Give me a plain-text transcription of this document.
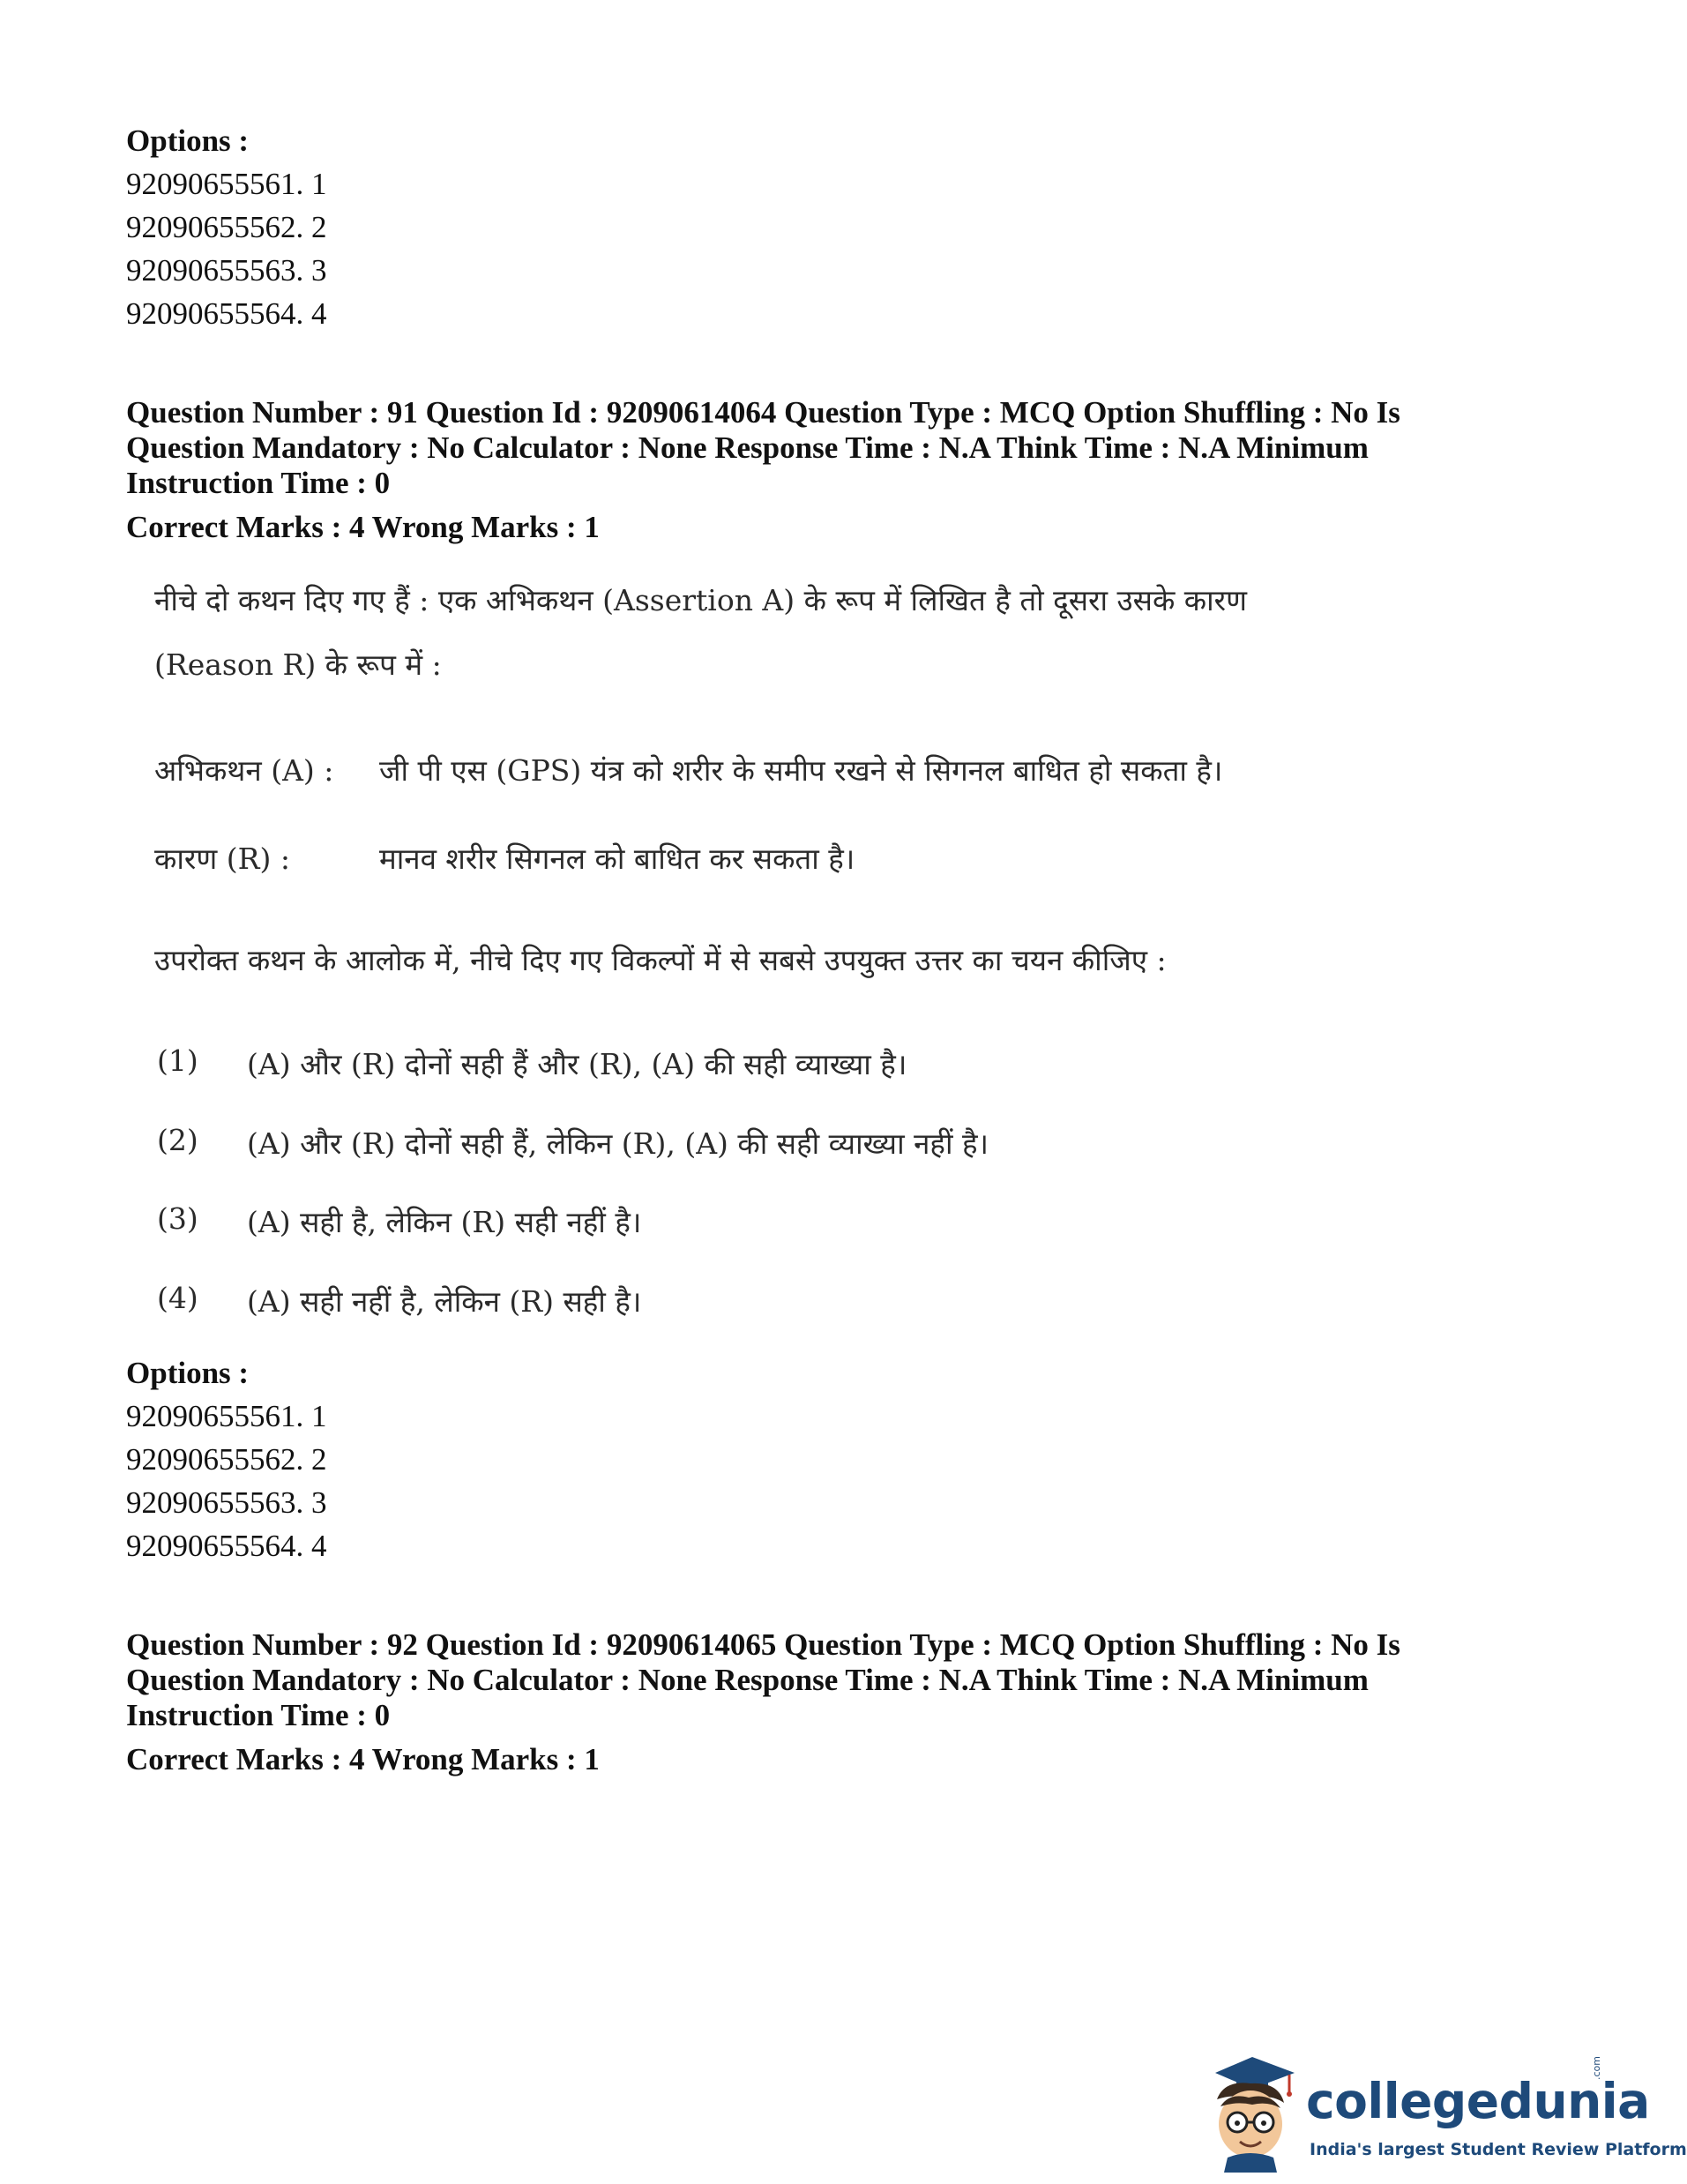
Options :
92090655561. 1
92090655562. 2
92090655563. 3
92090655564. 4
Question Number : 91 Question Id : 92090614064 Question Type : MCQ Option Shuffling : No Is
Question Mandatory : No Calculator : None Response Time : N.A Think Time : N.A Minimum
Instruction Time : 0
Correct Marks : 4 Wrong Marks : 1
नीचे दो कथन दिए गए हैं : एक अभिकथन (Assertion A) के रूप में लिखित है तो दूसरा उसके कारण
(Reason R) के रूप में :
अभिकथन (A) : जी पी एस (GPS) यंत्र को शरीर के समीप रखने से सिगनल बाधित हो सकता है।
कारण (R) :	मानव शरीर सिगनल को बाधित कर सकता है।
उपरोक्त कथन के आलोक में, नीचे दिए गए विकल्पों में से सबसे उपयुक्त उत्तर का चयन कीजिए :
(1) (A) और (R) दोनों सही हैं और (R), (A) की सही व्याख्या है।
(2) (A) और (R) दोनों सही हैं, लेकिन (R), (A) की सही व्याख्या नहीं है।
(3) (A) सही है, लेकिन (R) सही नहीं है।
(4) (A) सही नहीं है, लेकिन (R) सही है।
Options :
92090655561. 1
92090655562. 2
92090655563. 3
92090655564. 4
Question Number : 92 Question Id : 92090614065 Question Type : MCQ Option Shuffling : No Is
Question Mandatory : No Calculator : None Response Time : N.A Think Time : N.A Minimum
Instruction Time : 0
Correct Marks : 4 Wrong Marks : 1
collegedunia
.com
India's largest Student Review Platform
